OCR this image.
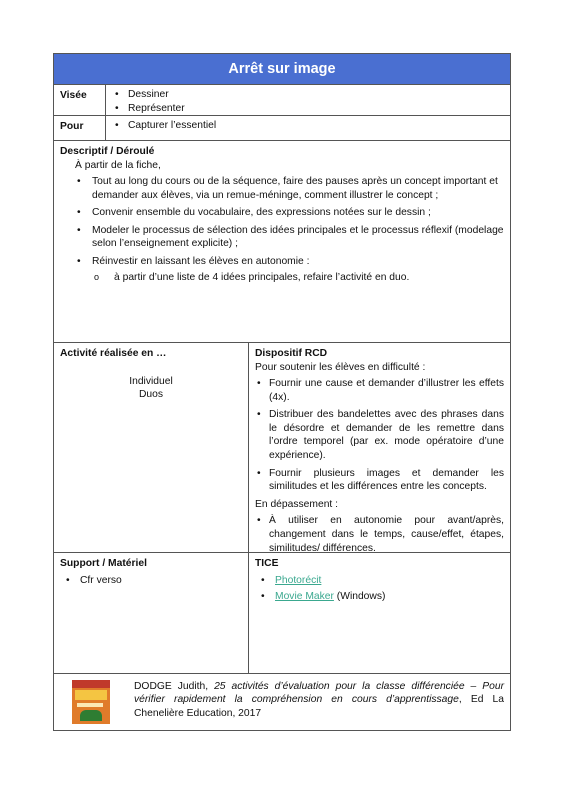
Arrêt sur image
Visée	• Dessiner
• Représenter
Pour	• Capturer l’essentiel
Descriptif / Déroulé
À partir de la fiche,
• Tout au long du cours ou de la séquence, faire des pauses après un concept important et demander aux élèves, via un remue-méninge, comment illustrer le concept ;
• Convenir ensemble du vocabulaire, des expressions notées sur le dessin ;
• Modeler le processus de sélection des idées principales et le processus réflexif (modelage selon l’enseignement explicite) ;
• Réinvestir en laissant les élèves en autonomie :
o à partir d’une liste de 4 idées principales, refaire l’activité en duo.
Activité réalisée en …
Individuel
Duos
Dispositif RCD
Pour soutenir les élèves en difficulté :
• Fournir une cause et demander d’illustrer les effets (4x).
• Distribuer des bandelettes avec des phrases dans le désordre et demander de les remettre dans l’ordre temporel (par ex. mode opératoire d’une expérience).
• Fournir plusieurs images et demander les similitudes et les différences entre les concepts.
En dépassement :
• À utiliser en autonomie pour avant/après, changement dans le temps, cause/effet, étapes, similitudes/ différences.
Support / Matériel
• Cfr verso
TICE
• Photorécit
• Movie Maker (Windows)
DODGE Judith, 25 activités d’évaluation pour la classe différenciée – Pour vérifier rapidement la compréhension en cours d’apprentissage, Ed La Chenelière Education, 2017
